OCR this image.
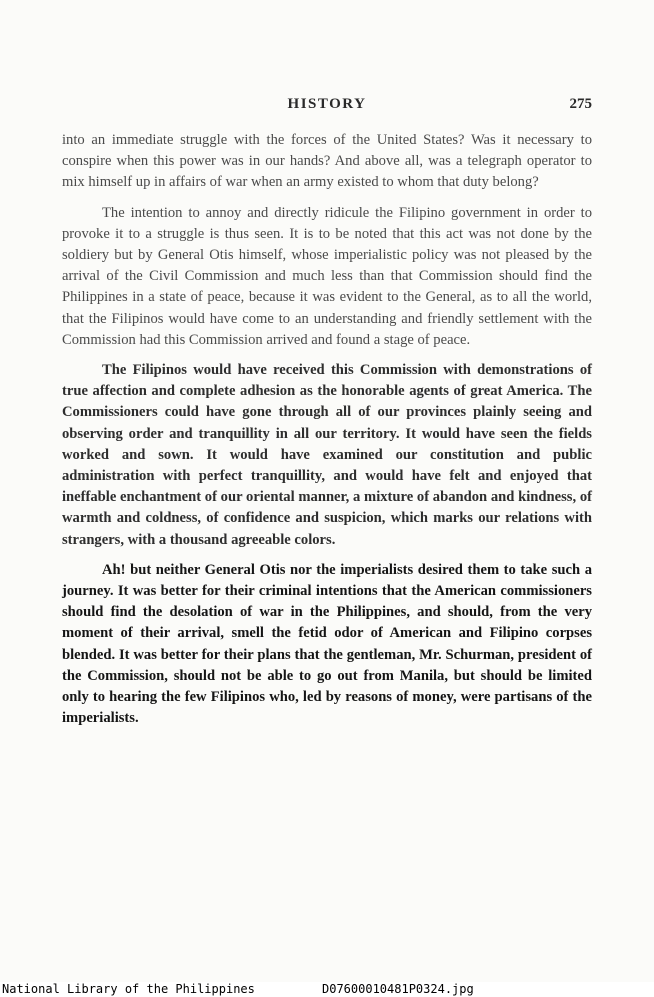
HISTORY	275

into an immediate struggle with the forces of the United States? Was it necessary to conspire when this power was in our hands? And above all, was a telegraph operator to mix himself up in affairs of war when an army existed to whom that duty belong?

The intention to annoy and directly ridicule the Filipino government in order to provoke it to a struggle is thus seen. It is to be noted that this act was not done by the soldiery but by General Otis himself, whose imperialistic policy was not pleased by the arrival of the Civil Commission and much less than that Commission should find the Philippines in a state of peace, because it was evident to the General, as to all the world, that the Filipinos would have come to an understanding and friendly settlement with the Commission had this Commission arrived and found a stage of peace.

The Filipinos would have received this Commission with demonstrations of true affection and complete adhesion as the honorable agents of great America. The Commissioners could have gone through all of our provinces plainly seeing and observing order and tranquillity in all our territory. It would have seen the fields worked and sown. It would have examined our constitution and public administration with perfect tranquillity, and would have felt and enjoyed that ineffable enchantment of our oriental manner, a mixture of abandon and kindness, of warmth and coldness, of confidence and suspicion, which marks our relations with strangers, with a thousand agreeable colors.

Ah! but neither General Otis nor the imperialists desired them to take such a journey. It was better for their criminal intentions that the American commissioners should find the desolation of war in the Philippines, and should, from the very moment of their arrival, smell the fetid odor of American and Filipino corpses blended. It was better for their plans that the gentleman, Mr. Schurman, president of the Commission, should not be able to go out from Manila, but should be limited only to hearing the few Filipinos who, led by reasons of money, were partisans of the imperialists.

National Library of the Philippines	D07600010481P0324.jpg
